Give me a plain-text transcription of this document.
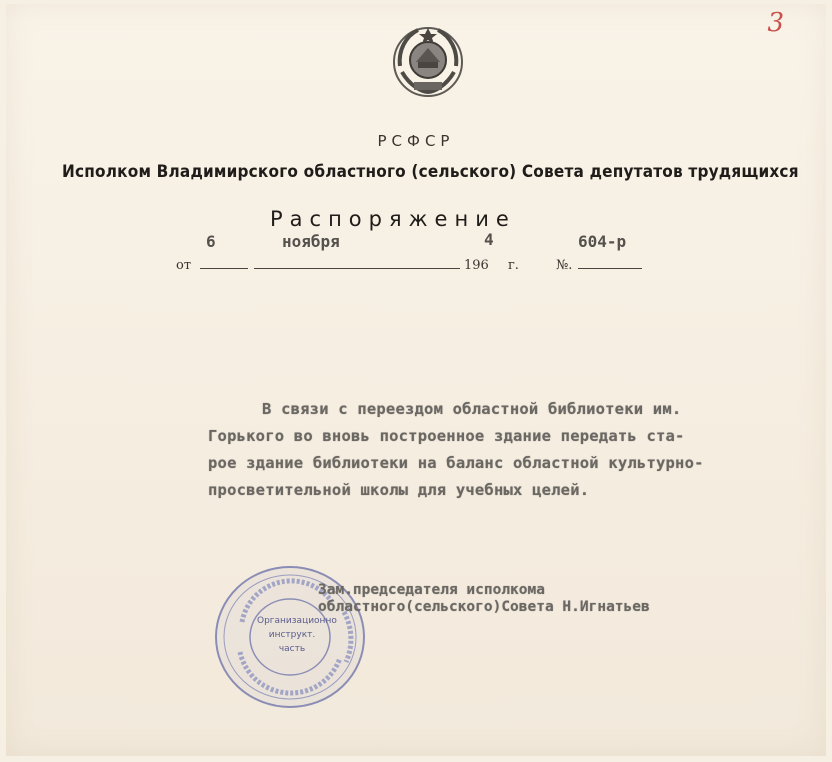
3
РСФСР
Исполком Владимирского областного (сельского) Совета депутатов трудящихся
Распоряжение
6	ноября	4	604-р
от	196 г.	№.
В связи с переездом областной библиотеки им.
Горького во вновь построенное здание передать ста-
рое здание библиотеки на баланс областной культурно-
просветительной школы для учебных целей.
Организационно
инструкт.
часть
Зам.председателя исполкома
областного(сельского)Совета Н.Игнатьев
